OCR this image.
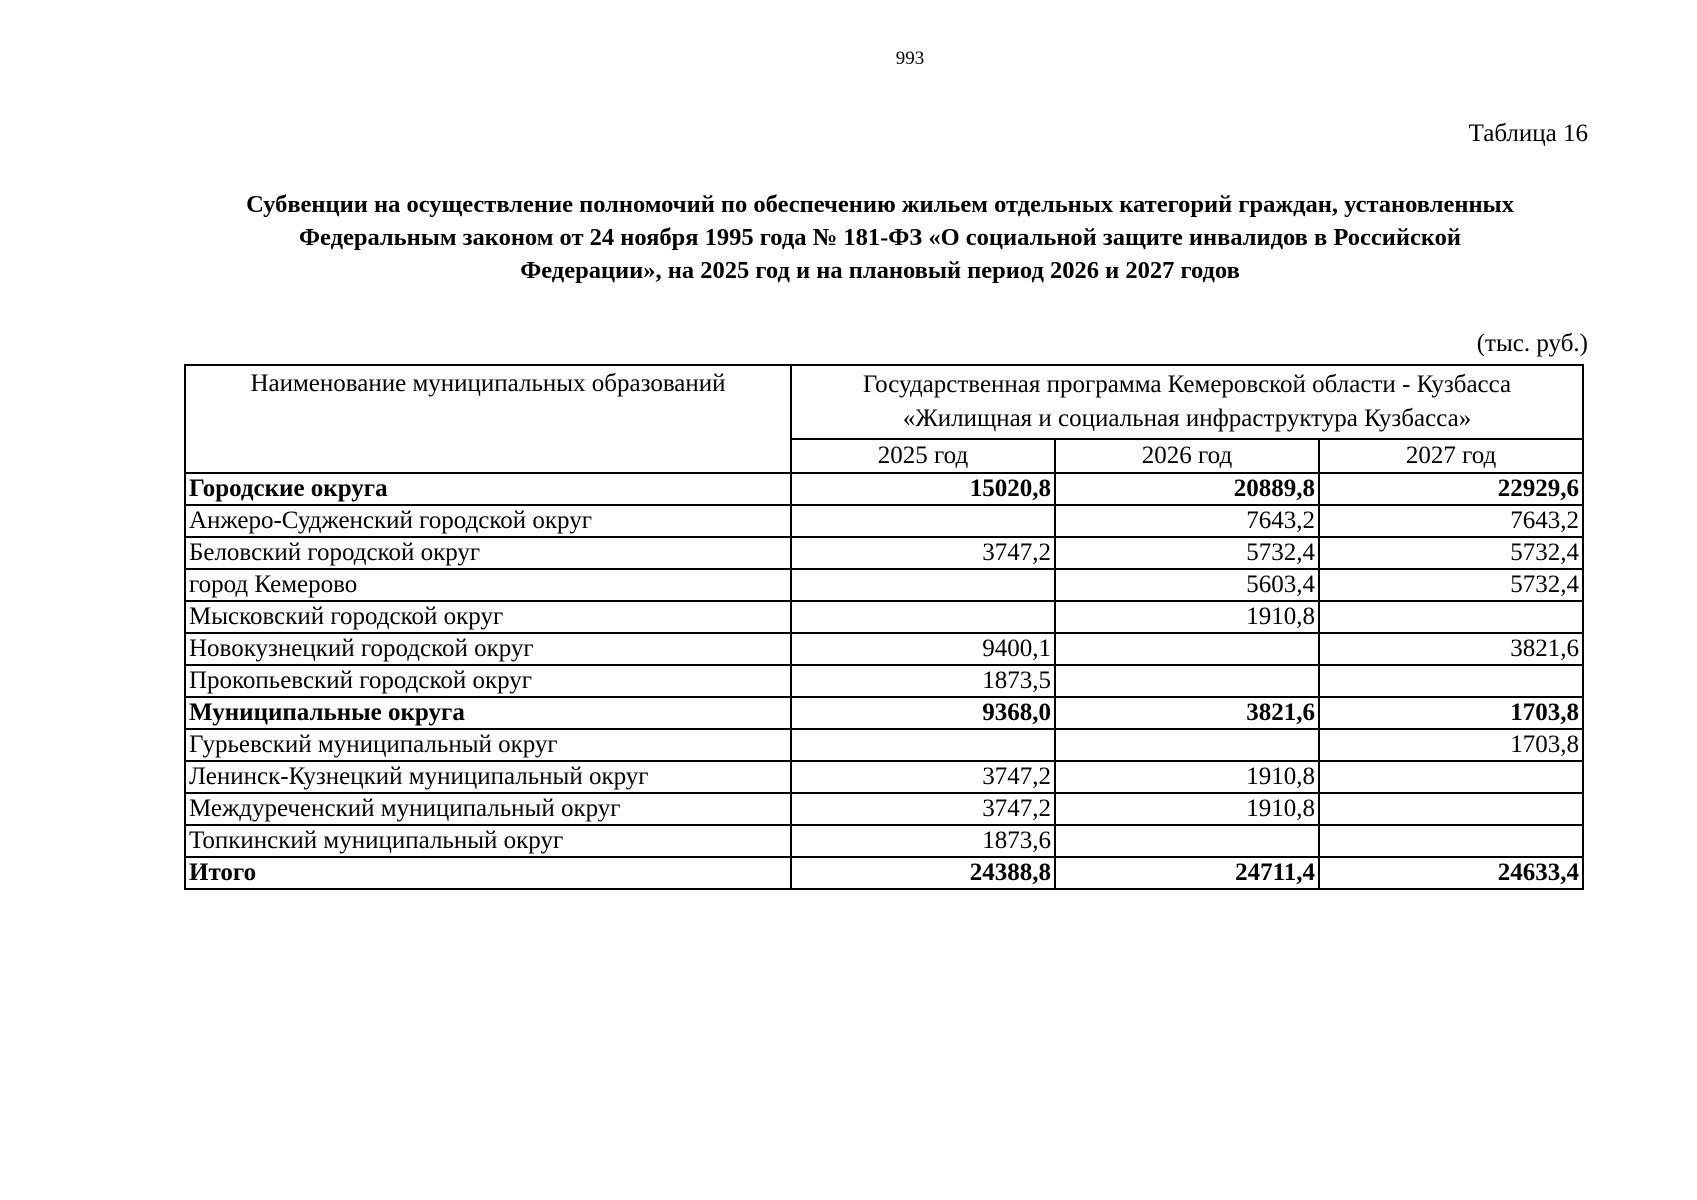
993
Таблица 16
Субвенции на осуществление полномочий по обеспечению жильем отдельных категорий граждан, установленных
Федеральным законом от 24 ноября 1995 года № 181-ФЗ «О социальной защите инвалидов в Российской
Федерации», на 2025 год и на плановый период 2026 и 2027 годов
(тыс. руб.)
Наименование муниципальных образований	Государственная программа Кемеровской области - Кузбасса
«Жилищная и социальная инфраструктура Кузбасса»		

	2025 год	2026 год	2027 год
Городские округа	15020,8	20889,8	22929,6
Анжеро-Судженский городской округ		7643,2	7643,2
Беловский городской округ	3747,2	5732,4	5732,4
город Кемерово		5603,4	5732,4
Мысковский городской округ		1910,8	
Новокузнецкий городской округ	9400,1		3821,6
Прокопьевский городской округ	1873,5		
Муниципальные округа	9368,0	3821,6	1703,8
Гурьевский муниципальный округ			1703,8
Ленинск-Кузнецкий муниципальный округ	3747,2	1910,8	
Междуреченский муниципальный округ	3747,2	1910,8	
Топкинский муниципальный округ	1873,6		
Итого	24388,8	24711,4	24633,4
